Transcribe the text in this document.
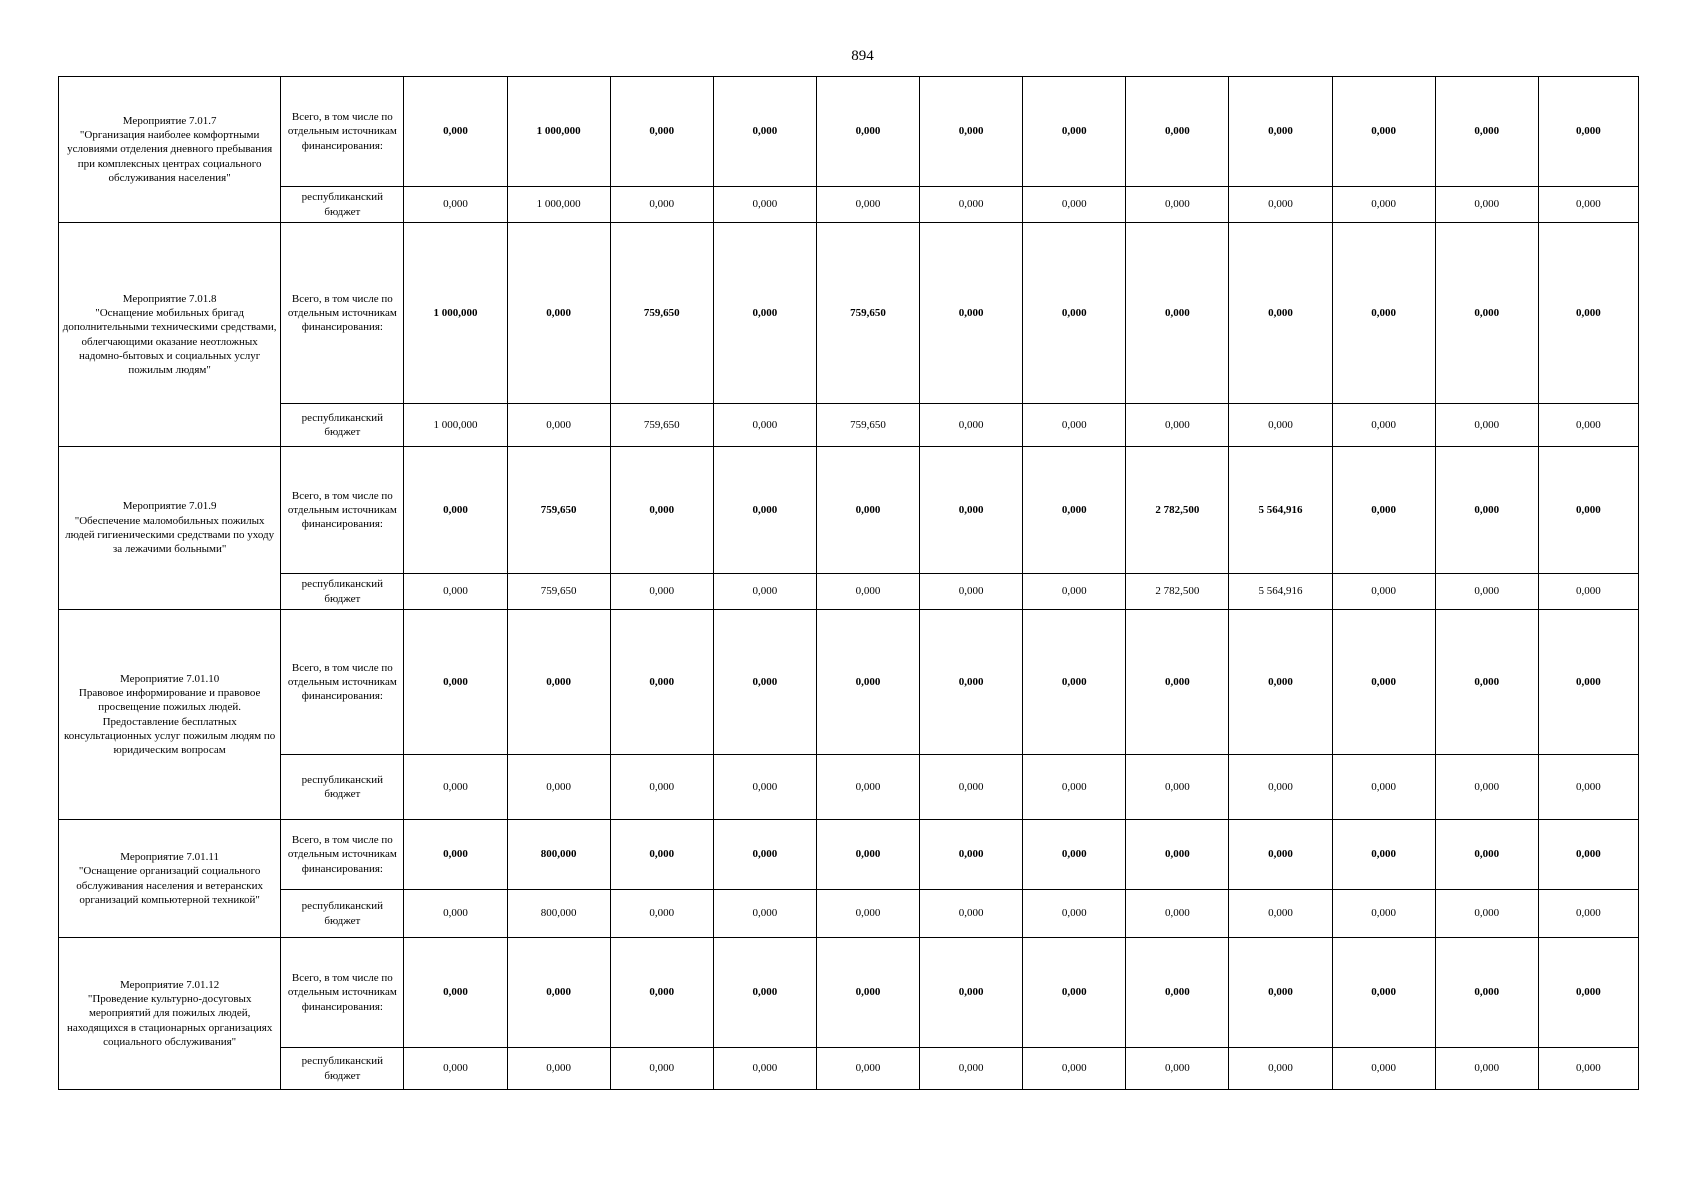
894
Мероприятие 7.01.7
"Организация наиболее комфортными условиями отделения дневного пребывания при комплексных центрах социального обслуживания населения"	Всего, в том числе по отдельным источникам финансирования:	0,000	1 000,000	0,000	0,000	0,000	0,000	0,000	0,000	0,000	0,000	0,000	0,000
	республиканский бюджет	0,000	1 000,000	0,000	0,000	0,000	0,000	0,000	0,000	0,000	0,000	0,000	0,000

Мероприятие 7.01.8
"Оснащение мобильных бригад дополнительными техническими средствами, облегчающими оказание неотложных надомно-бытовых и социальных услуг пожилым людям"	Всего, в том числе по отдельным источникам финансирования:	1 000,000	0,000	759,650	0,000	759,650	0,000	0,000	0,000	0,000	0,000	0,000	0,000
	республиканский бюджет	1 000,000	0,000	759,650	0,000	759,650	0,000	0,000	0,000	0,000	0,000	0,000	0,000

Мероприятие 7.01.9
"Обеспечение маломобильных пожилых людей гигиеническими средствами по уходу за лежачими больными"	Всего, в том числе по отдельным источникам финансирования:	0,000	759,650	0,000	0,000	0,000	0,000	0,000	2 782,500	5 564,916	0,000	0,000	0,000
	республиканский бюджет	0,000	759,650	0,000	0,000	0,000	0,000	0,000	2 782,500	5 564,916	0,000	0,000	0,000

Мероприятие 7.01.10
Правовое информирование и правовое просвещение пожилых людей. Предоставление бесплатных консультационных услуг пожилым людям по юридическим вопросам	Всего, в том числе по отдельным источникам финансирования:	0,000	0,000	0,000	0,000	0,000	0,000	0,000	0,000	0,000	0,000	0,000	0,000
	республиканский бюджет	0,000	0,000	0,000	0,000	0,000	0,000	0,000	0,000	0,000	0,000	0,000	0,000

Мероприятие 7.01.11
"Оснащение организаций социального обслуживания населения и ветеранских организаций компьютерной техникой"	Всего, в том числе по отдельным источникам финансирования:	0,000	800,000	0,000	0,000	0,000	0,000	0,000	0,000	0,000	0,000	0,000	0,000
	республиканский бюджет	0,000	800,000	0,000	0,000	0,000	0,000	0,000	0,000	0,000	0,000	0,000	0,000

Мероприятие 7.01.12
"Проведение культурно-досуговых мероприятий для пожилых людей, находящихся в стационарных организациях социального обслуживания"	Всего, в том числе по отдельным источникам финансирования:	0,000	0,000	0,000	0,000	0,000	0,000	0,000	0,000	0,000	0,000	0,000	0,000
	республиканский бюджет	0,000	0,000	0,000	0,000	0,000	0,000	0,000	0,000	0,000	0,000	0,000	0,000
